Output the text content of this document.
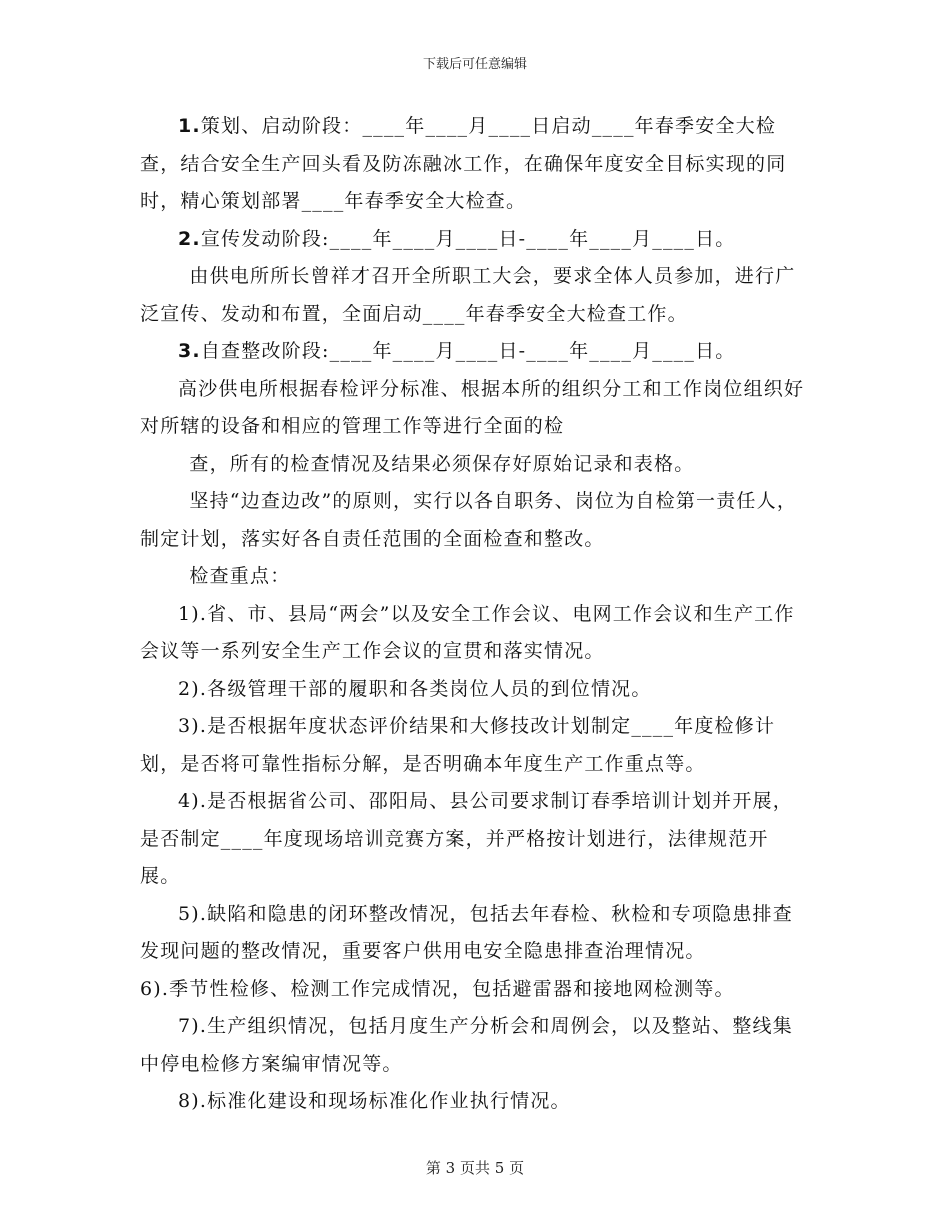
下载后可任意编辑

1.策划、启动阶段：____年____月____日启动____年春季安全大检查，结合安全生产回头看及防冻融冰工作，在确保年度安全目标实现的同时，精心策划部署____年春季安全大检查。

2.宣传发动阶段:____年____月____日-____年____月____日。

由供电所所长曾祥才召开全所职工大会，要求全体人员参加，进行广泛宣传、发动和布置，全面启动____年春季安全大检查工作。

3.自查整改阶段:____年____月____日-____年____月____日。

高沙供电所根据春检评分标准、根据本所的组织分工和工作岗位组织好对所辖的设备和相应的管理工作等进行全面的检

查，所有的检查情况及结果必须保存好原始记录和表格。

坚持“边查边改”的原则，实行以各自职务、岗位为自检第一责任人，制定计划，落实好各自责任范围的全面检查和整改。

检查重点：

1).省、市、县局“两会”以及安全工作会议、电网工作会议和生产工作会议等一系列安全生产工作会议的宣贯和落实情况。

2).各级管理干部的履职和各类岗位人员的到位情况。

3).是否根据年度状态评价结果和大修技改计划制定____年度检修计划，是否将可靠性指标分解，是否明确本年度生产工作重点等。

4).是否根据省公司、邵阳局、县公司要求制订春季培训计划并开展，是否制定____年度现场培训竞赛方案，并严格按计划进行，法律规范开展。

5).缺陷和隐患的闭环整改情况，包括去年春检、秋检和专项隐患排查发现问题的整改情况，重要客户供用电安全隐患排查治理情况。

6).季节性检修、检测工作完成情况，包括避雷器和接地网检测等。

7).生产组织情况，包括月度生产分析会和周例会，以及整站、整线集中停电检修方案编审情况等。

8).标准化建设和现场标准化作业执行情况。

第 3 页共 5 页
